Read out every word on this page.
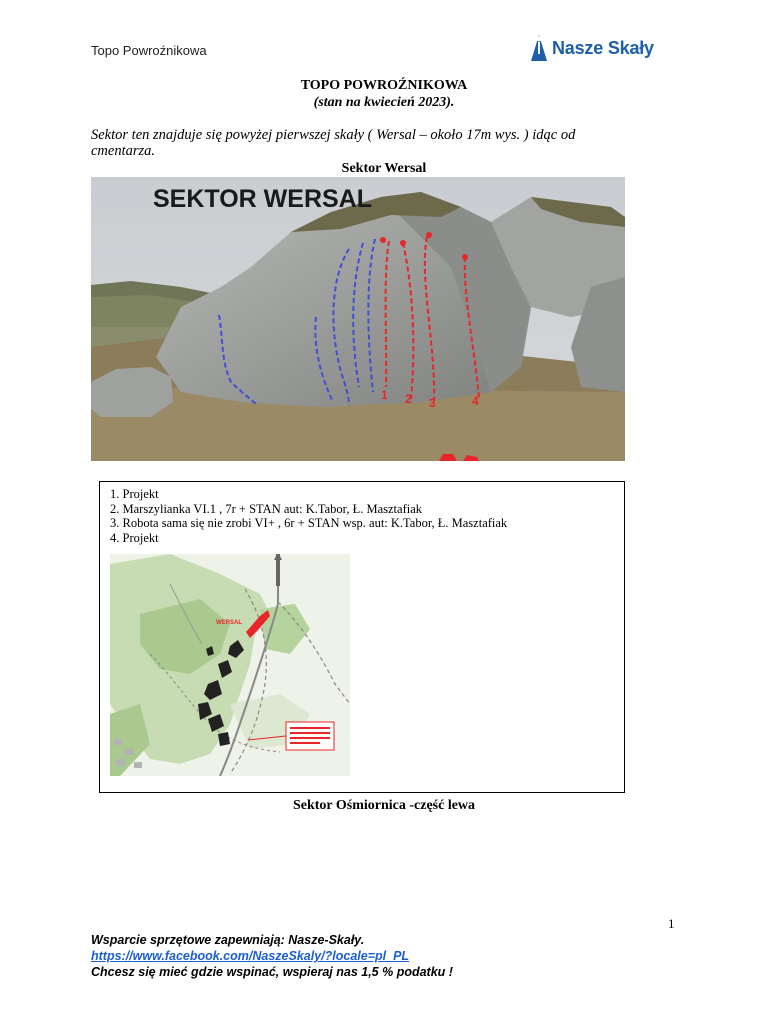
Topo Powroźnikowa	Nasze Skały
TOPO POWROŹNIKOWA
(stan na kwiecień 2023).
Sektor ten znajduje się powyżej pierwszej skały ( Wersal – około 17m wys. ) idąc od cmentarza.
Sektor Wersal
SEKTOR WERSAL
1 2 3	4
1. Projekt
2. Marszylianka VI.1 , 7r + STAN aut: K.Tabor, Ł. Masztafiak
3. Robota sama się nie zrobi VI+ , 6r + STAN wsp. aut: K.Tabor, Ł. Masztafiak
4. Projekt
WERSAL
Sektor Ośmiornica -część lewa
1
Wsparcie sprzętowe zapewniają: Nasze-Skały.
https://www.facebook.com/NaszeSkaly/?locale=pl_PL
Chcesz się mieć gdzie wspinać, wspieraj nas 1,5 % podatku !
